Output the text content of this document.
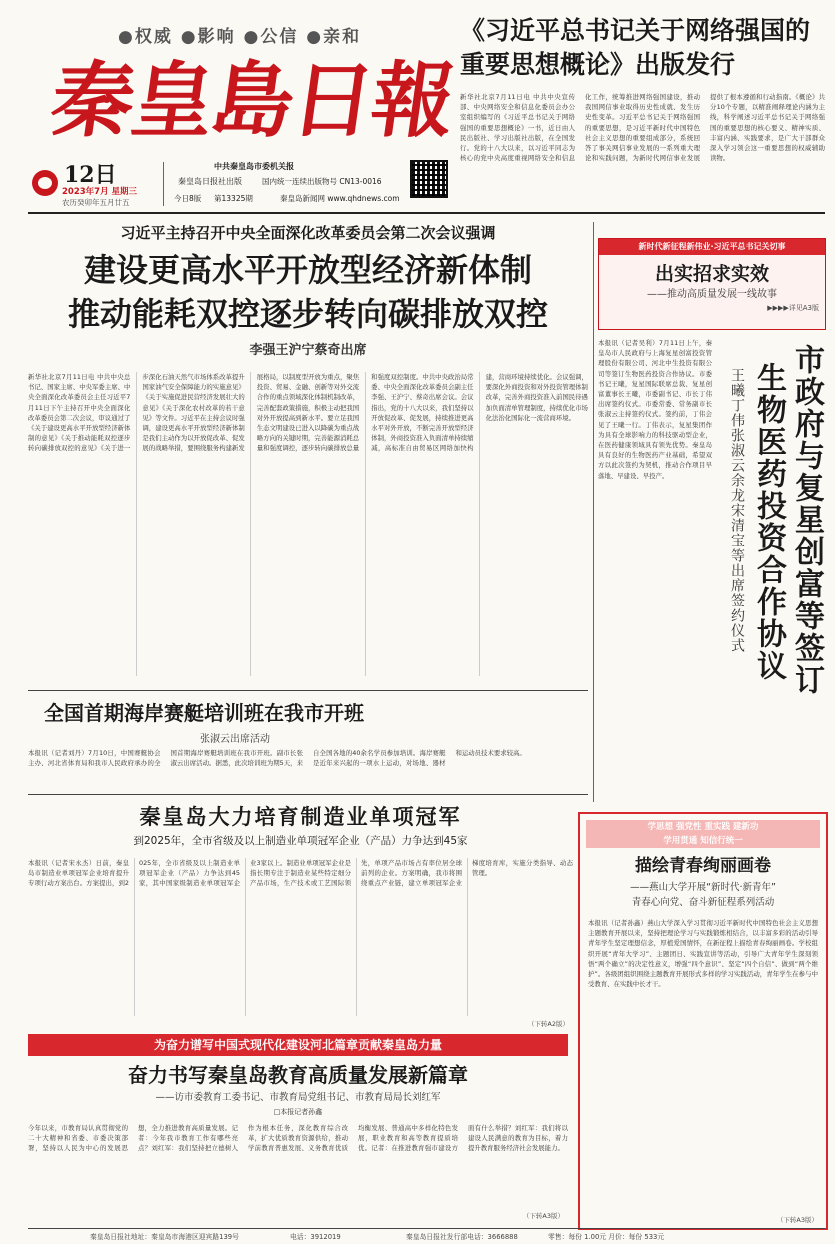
●权威 ●影响 ●公信 ●亲和
秦皇島日報
12日
2023年7月 星期三
农历癸卯年五月廿五
中共秦皇岛市委机关报
秦皇岛日报社出版	国内统一连续出版物号 CN13-0016
今日8版 第13325期	秦皇岛新闻网 www.qhdnews.com
《习近平总书记关于网络强国的
重要思想概论》出版发行
新华社北京7月11日电 中共中央宣传部、中央网络安全和信息化委员会办公室组织编写的《习近平总书记关于网络强国的重要思想概论》一书，近日由人民出版社、学习出版社出版，在全国发行。党的十八大以来，以习近平同志为核心的党中央高度重视网络安全和信息化工作，统筹推进网络强国建设，推动我国网信事业取得历史性成就、发生历史性变革。习近平总书记关于网络强国的重要思想，是习近平新时代中国特色社会主义思想的重要组成部分，系统回答了事关网信事业发展的一系列重大理论和实践问题，为新时代网信事业发展提供了根本遵循和行动指南。《概论》共分10个专题，以精准阐释理论内涵为主线，科学阐述习近平总书记关于网络强国的重要思想的核心要义、精神实质、丰富内涵、实践要求，是广大干部群众深入学习领会这一重要思想的权威辅助读物。
习近平主持召开中央全面深化改革委员会第二次会议强调
建设更高水平开放型经济新体制
推动能耗双控逐步转向碳排放双控
李强王沪宁蔡奇出席
新华社北京7月11日电 中共中央总书记、国家主席、中央军委主席、中央全面深化改革委员会主任习近平7月11日下午主持召开中央全面深化改革委员会第二次会议，审议通过了《关于建设更高水平开放型经济新体制的意见》《关于推动能耗双控逐步转向碳排放双控的意见》《关于进一步深化石油天然气市场体系改革提升国家油气安全保障能力的实施意见》《关于实施促进民营经济发展壮大的意见》《关于深化农村改革的若干意见》等文件。习近平在主持会议时强调，建设更高水平开放型经济新体制是我们主动作为以开放促改革、促发展的战略举措，要围绕服务构建新发展格局，以制度型开放为重点，聚焦投资、贸易、金融、创新等对外交流合作的重点领域深化体制机制改革，完善配套政策措施，积极主动把我国对外开放提高到新水平。要立足我国生态文明建设已进入以降碳为重点战略方向的关键时期，完善能源消耗总量和强度调控，逐步转向碳排放总量和强度双控制度。中共中央政治局常委、中央全面深化改革委员会副主任李强、王沪宁、蔡奇出席会议。会议指出，党的十八大以来，我们坚持以开放促改革、促发展，持续推进更高水平对外开放，不断完善开放型经济体制，外商投资准入负面清单持续缩减，高标准自由贸易区网络加快构建，营商环境持续优化。会议强调，要深化外商投资和对外投资管理体制改革，完善外商投资准入前国民待遇加负面清单管理制度，持续优化市场化法治化国际化一流营商环境。
新时代新征程新伟业·习近平总书记关切事
出实招求实效
——推动高质量发展一线故事
▶▶▶▶详见A3版
市政府与复星创富等签订
生物医药投资合作协议
王曦丁伟张淑云余龙宋清宝等出席签约仪式
本报讯（记者吴利）7月11日上午，秦皇岛市人民政府与上海复星创富投资管理股份有限公司、河北中生投资有限公司等签订生物医药投资合作协议。市委书记王曦，复星国际联席总裁、复星创富董事长王曦，市委副书记、市长丁伟出席签约仪式。市委常委、常务副市长张淑云主持签约仪式。签约前，丁伟会见了王曦一行。丁伟表示，复星集团作为具有全球影响力的科技驱动型企业，在医药健康领域具有领先优势。秦皇岛具有良好的生物医药产业基础，希望双方以此次签约为契机，推动合作项目早落地、早建设、早投产。
全国首期海岸赛艇培训班在我市开班
张淑云出席活动
本报讯（记者刘丹）7月10日，中国赛艇协会主办、河北省体育局和我市人民政府承办的全国首期海岸赛艇培训班在我市开班。副市长张淑云出席活动。据悉，此次培训班为期5天，来自全国各地的40余名学员参加培训。海岸赛艇是近年来兴起的一项水上运动，对场地、器材和运动员技术要求较高。
秦皇岛大力培育制造业单项冠军
到2025年，全市省级及以上制造业单项冠军企业（产品）力争达到45家
本报讯（记者宋永杰）日前，秦皇岛市制造业单项冠军企业培育提升专项行动方案出台。方案提出，到2025年，全市省级及以上制造业单项冠军企业（产品）力争达到45家，其中国家级制造业单项冠军企业3家以上。制造业单项冠军企业是指长期专注于制造业某些特定细分产品市场，生产技术或工艺国际领先，单项产品市场占有率位居全球前列的企业。方案明确，我市将围绕重点产业链，建立单项冠军企业梯度培育库，实施分类指导、动态管理。
（下转A2版）
学思想 强党性 重实践 建新功
学用贯通 知信行统一
描绘青春绚丽画卷
——燕山大学开展“新时代·新青年”
青春心向党、奋斗新征程系列活动
本报讯（记者孙鑫）燕山大学深入学习贯彻习近平新时代中国特色社会主义思想主题教育开展以来，坚持把理论学习与实践锻炼相结合，以丰富多彩的活动引导青年学生坚定理想信念，厚植爱国情怀，在新征程上描绘青春绚丽画卷。学校组织开展“青年大学习”、主题团日、实践宣讲等活动，引导广大青年学生深刻领悟“两个确立”的决定性意义，增强“四个意识”、坚定“四个自信”、做到“两个维护”。各级团组织围绕主题教育开展形式多样的学习实践活动，青年学生在参与中受教育、在实践中长才干。
（下转A3版）
为奋力谱写中国式现代化建设河北篇章贡献秦皇岛力量
奋力书写秦皇岛教育高质量发展新篇章
——访市委教育工委书记、市教育局党组书记、市教育局局长刘红军
□本报记者孙鑫
今年以来，市教育局认真贯彻党的二十大精神和省委、市委决策部署，坚持以人民为中心的发展思想，全力推进教育高质量发展。记者：今年我市教育工作有哪些亮点？刘红军：我们坚持把立德树人作为根本任务，深化教育综合改革，扩大优质教育资源供给，推动学前教育普惠发展、义务教育优质均衡发展、普通高中多样化特色发展，职业教育和高等教育提质培优。记者：在推进教育强市建设方面有什么举措？刘红军：我们将以建设人民满意的教育为目标，着力提升教育服务经济社会发展能力。
（下转A3版）
秦皇岛日报社地址：秦皇岛市海港区迎宾路139号	电话：3912019	秦皇岛日报社发行部电话：3666888	零售：每份 1.00元 月价：每份 533元
